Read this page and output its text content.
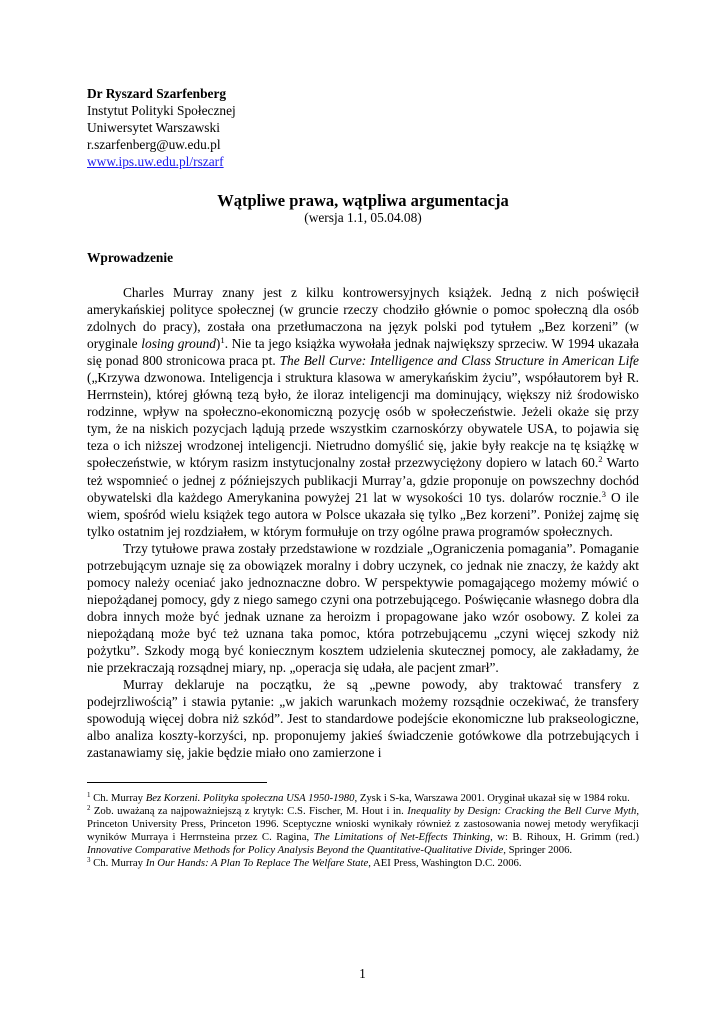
Dr Ryszard Szarfenberg
Instytut Polityki Społecznej
Uniwersytet Warszawski
r.szarfenberg@uw.edu.pl
www.ips.uw.edu.pl/rszarf
Wątpliwe prawa, wątpliwa argumentacja
(wersja 1.1, 05.04.08)
Wprowadzenie

Charles Murray znany jest z kilku kontrowersyjnych książek. Jedną z nich poświęcił amerykańskiej polityce społecznej (w gruncie rzeczy chodziło głównie o pomoc społeczną dla osób zdolnych do pracy), została ona przetłumaczona na język polski pod tytułem „Bez korzeni” (w oryginale losing ground)$^1$. Nie ta jego książka wywołała jednak największy sprzeciw. W 1994 ukazała się ponad 800 stronicowa praca pt. The Bell Curve: Intelligence and Class Structure in American Life („Krzywa dzwonowa. Inteligencja i struktura klasowa w amerykańskim życiu”, współautorem był R. Herrnstein), której główną tezą było, że iloraz inteligencji ma dominujący, większy niż środowisko rodzinne, wpływ na społeczno-ekonomiczną pozycję osób w społeczeństwie. Jeżeli okaże się przy tym, że na niskich pozycjach lądują przede wszystkim czarnoskórzy obywatele USA, to pojawia się teza o ich niższej wrodzonej inteligencji. Nietrudno domyślić się, jakie były reakcje na tę książkę w społeczeństwie, w którym rasizm instytucjonalny został przezwyciężony dopiero w latach 60.$^2$ Warto też wspomnieć o jednej z późniejszych publikacji Murray’a, gdzie proponuje on powszechny dochód obywatelski dla każdego Amerykanina powyżej 21 lat w wysokości 10 tys. dolarów rocznie.$^3$ O ile wiem, spośród wielu książek tego autora w Polsce ukazała się tylko „Bez korzeni”. Poniżej zajmę się tylko ostatnim jej rozdziałem, w którym formułuje on trzy ogólne prawa programów społecznych.

Trzy tytułowe prawa zostały przedstawione w rozdziale „Ograniczenia pomagania”. Pomaganie potrzebującym uznaje się za obowiązek moralny i dobry uczynek, co jednak nie znaczy, że każdy akt pomocy należy oceniać jako jednoznaczne dobro. W perspektywie pomagającego możemy mówić o niepożądanej pomocy, gdy z niego samego czyni ona potrzebującego. Poświęcanie własnego dobra dla dobra innych może być jednak uznane za heroizm i propagowane jako wzór osobowy. Z kolei za niepożądaną może być też uznana taka pomoc, która potrzebującemu „czyni więcej szkody niż pożytku”. Szkody mogą być koniecznym kosztem udzielenia skutecznej pomocy, ale zakładamy, że nie przekraczają rozsądnej miary, np. „operacja się udała, ale pacjent zmarł”.

Murray deklaruje na początku, że są „pewne powody, aby traktować transfery z podejrzliwością” i stawia pytanie: „w jakich warunkach możemy rozsądnie oczekiwać, że transfery spowodują więcej dobra niż szkód”. Jest to standardowe podejście ekonomiczne lub prakseologiczne, albo analiza koszty-korzyści, np. proponujemy jakieś świadczenie gotówkowe dla potrzebujących i zastanawiamy się, jakie będzie miało ono zamierzone i

$^1$ Ch. Murray Bez Korzeni. Polityka społeczna USA 1950-1980, Zysk i S-ka, Warszawa 2001. Oryginał ukazał się w 1984 roku.

$^2$ Zob. uważaną za najpoważniejszą z krytyk: C.S. Fischer, M. Hout i in. Inequality by Design: Cracking the Bell Curve Myth, Princeton University Press, Princeton 1996. Sceptyczne wnioski wynikały również z zastosowania nowej metody weryfikacji wyników Murraya i Herrnsteina przez C. Ragina, The Limitations of Net-Effects Thinking, w: B. Rihoux, H. Grimm (red.) Innovative Comparative Methods for Policy Analysis Beyond the Quantitative-Qualitative Divide, Springer 2006.

$^3$ Ch. Murray In Our Hands: A Plan To Replace The Welfare State, AEI Press, Washington D.C. 2006.

1
